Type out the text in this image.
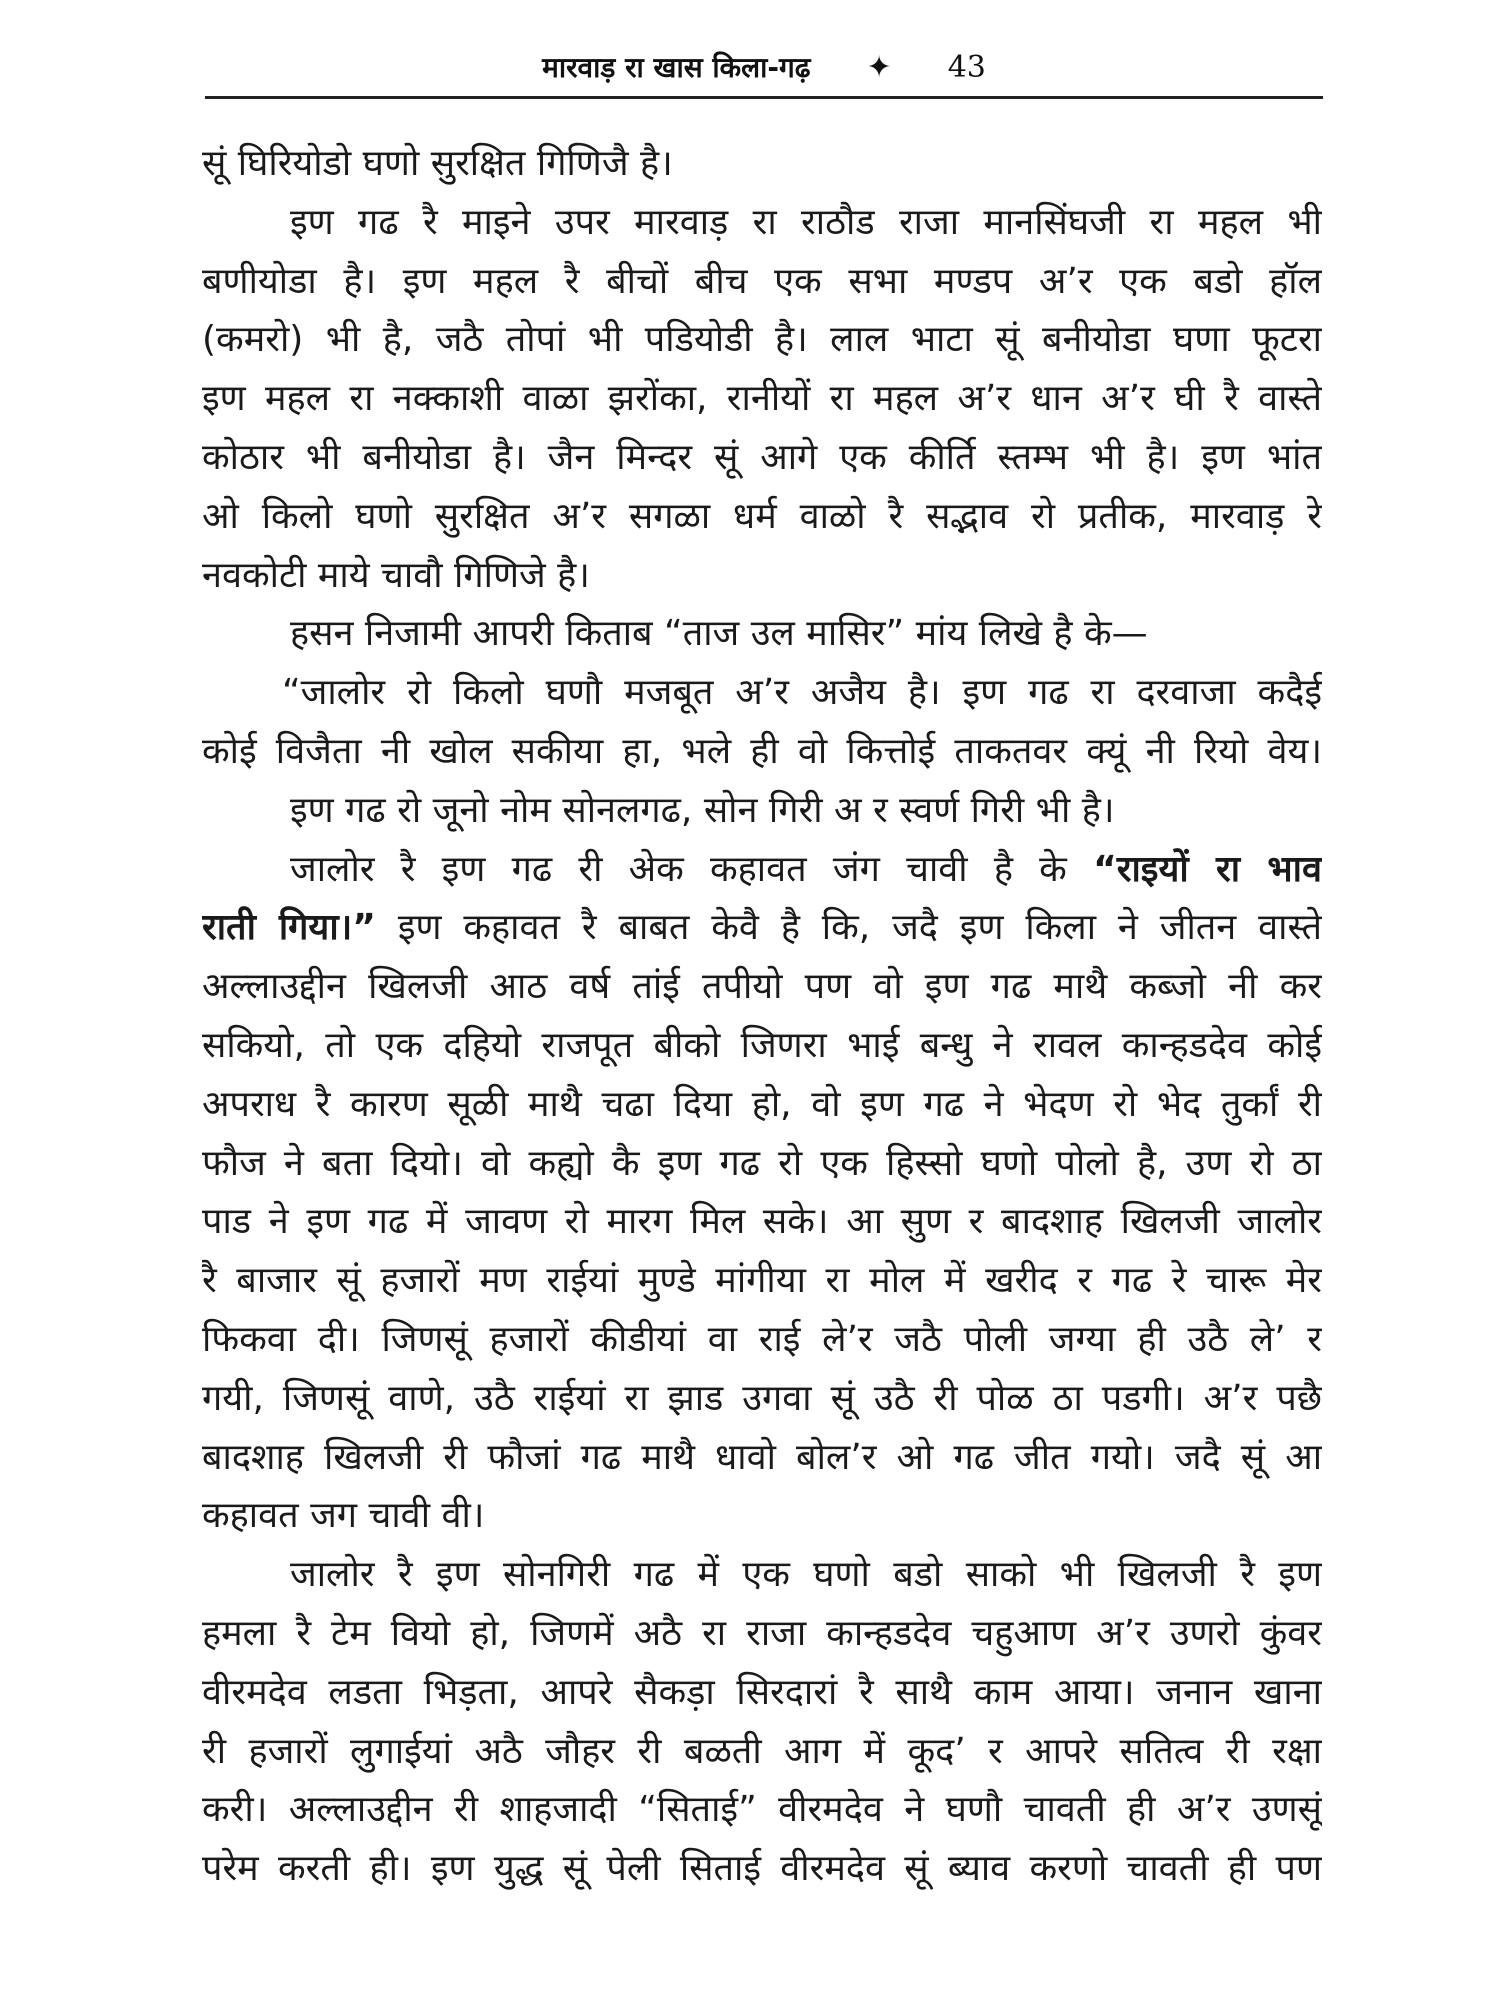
मारवाड़ रा खास किला-गढ़ ✦ 43
सूं घिरियोडो घणो सुरक्षित गिणिजै है।
इण गढ रै माइने उपर मारवाड़ रा राठौड राजा मानसिंघजी रा महल भी
बणीयोडा है। इण महल रै बीचों बीच एक सभा मण्डप अ’र एक बडो हॉल
(कमरो) भी है, जठै तोपां भी पडियोडी है। लाल भाटा सूं बनीयोडा घणा फूटरा
इण महल रा नक्काशी वाळा झरोंका, रानीयों रा महल अ’र धान अ’र घी रै वास्ते
कोठार भी बनीयोडा है। जैन मिन्दर सूं आगे एक कीर्ति स्तम्भ भी है। इण भांत
ओ किलो घणो सुरक्षित अ’र सगळा धर्म वाळो रै सद्भाव रो प्रतीक, मारवाड़ रे
नवकोटी माये चावौ गिणिजे है।
हसन निजामी आपरी किताब “ताज उल मासिर” मांय लिखे है के—
“जालोर रो किलो घणौ मजबूत अ’र अजैय है। इण गढ रा दरवाजा कदैई
कोई विजैता नी खोल सकीया हा, भले ही वो कित्तोई ताकतवर क्यूं नी रियो वेय।
इण गढ रो जूनो नोम सोनलगढ, सोन गिरी अ र स्वर्ण गिरी भी है।
जालोर रै इण गढ री अेक कहावत जंग चावी है के “राइयों रा भाव
राती गिया।” इण कहावत रै बाबत केवै है कि, जदै इण किला ने जीतन वास्ते
अल्लाउद्दीन खिलजी आठ वर्ष तांई तपीयो पण वो इण गढ माथै कब्जो नी कर
सकियो, तो एक दहियो राजपूत बीको जिणरा भाई बन्धु ने रावल कान्हडदेव कोई
अपराध रै कारण सूळी माथै चढा दिया हो, वो इण गढ ने भेदण रो भेद तुर्कां री
फौज ने बता दियो। वो कह्यो कै इण गढ रो एक हिस्सो घणो पोलो है, उण रो ठा
पाड ने इण गढ में जावण रो मारग मिल सके। आ सुण र बादशाह खिलजी जालोर
रै बाजार सूं हजारों मण राईयां मुण्डे मांगीया रा मोल में खरीद र गढ रे चारू मेर
फिकवा दी। जिणसूं हजारों कीडीयां वा राई ले’र जठै पोली जग्या ही उठै ले’ र
गयी, जिणसूं वाणे, उठै राईयां रा झाड उगवा सूं उठै री पोळ ठा पडगी। अ’र पछै
बादशाह खिलजी री फौजां गढ माथै धावो बोल’र ओ गढ जीत गयो। जदै सूं आ
कहावत जग चावी वी।
जालोर रै इण सोनगिरी गढ में एक घणो बडो साको भी खिलजी रै इण
हमला रै टेम वियो हो, जिणमें अठै रा राजा कान्हडदेव चहुआण अ’र उणरो कुंवर
वीरमदेव लडता भिड़ता, आपरे सैकड़ा सिरदारां रै साथै काम आया। जनान खाना
री हजारों लुगाईयां अठै जौहर री बळती आग में कूद’ र आपरे सतित्व री रक्षा
करी। अल्लाउद्दीन री शाहजादी “सिताई” वीरमदेव ने घणौ चावती ही अ’र उणसूं
परेम करती ही। इण युद्ध सूं पेली सिताई वीरमदेव सूं ब्याव करणो चावती ही पण
